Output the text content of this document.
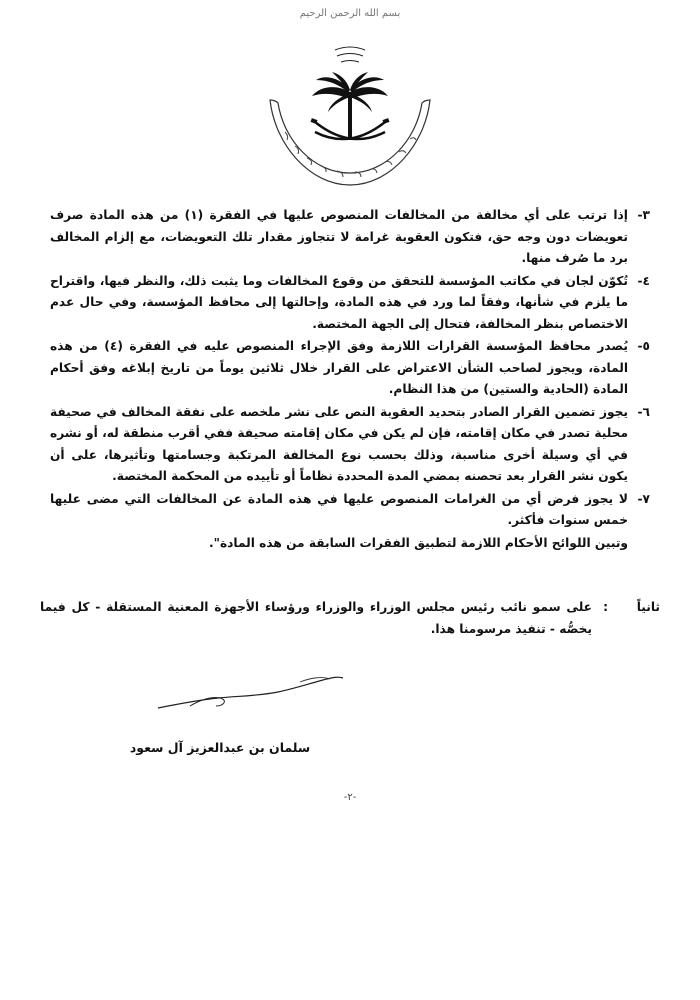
بسم الله الرحمن الرحيم
٣-
إذا ترتب على أي مخالفة من المخالفات المنصوص عليها في الفقرة (١) من هذه المادة صرف تعويضات دون وجه حق، فتكون العقوبة غرامة لا تتجاوز مقدار تلك التعويضات، مع إلزام المخالف برد ما صُرف منها.
٤-
تُكوّن لجان في مكاتب المؤسسة للتحقق من وقوع المخالفات وما يثبت ذلك، والنظر فيها، واقتراح ما يلزم في شأنها، وفقاً لما ورد في هذه المادة، وإحالتها إلى محافظ المؤسسة، وفي حال عدم الاختصاص بنظر المخالفة، فتحال إلى الجهة المختصة.
٥-
يُصدر محافظ المؤسسة القرارات اللازمة وفق الإجراء المنصوص عليه في الفقرة (٤) من هذه المادة، ويجوز لصاحب الشأن الاعتراض على القرار خلال ثلاثين يوماً من تاريخ إبلاغه وفق أحكام المادة (الحادية والستين) من هذا النظام.
٦-
يجوز تضمين القرار الصادر بتحديد العقوبة النص على نشر ملخصه على نفقة المخالف في صحيفة محلية تصدر في مكان إقامته، فإن لم يكن في مكان إقامته صحيفة ففي أقرب منطقة له، أو نشره في أي وسيلة أخرى مناسبة، وذلك بحسب نوع المخالفة المرتكبة وجسامتها وتأثيرها، على أن يكون نشر القرار بعد تحصنه بمضي المدة المحددة نظاماً أو تأييده من المحكمة المختصة.
٧-
لا يجوز فرض أي من الغرامات المنصوص عليها في هذه المادة عن المخالفات التي مضى عليها خمس سنوات فأكثر.
وتبين اللوائح الأحكام اللازمة لتطبيق الفقرات السابقة من هذه المادة".
ثانياً
:
على سمو نائب رئيس مجلس الوزراء والوزراء ورؤساء الأجهزة المعنية المستقلة - كل فيما يخصُّه - تنفيذ مرسومنا هذا.
سلمان بن عبدالعزيز آل سعود
-٢-
